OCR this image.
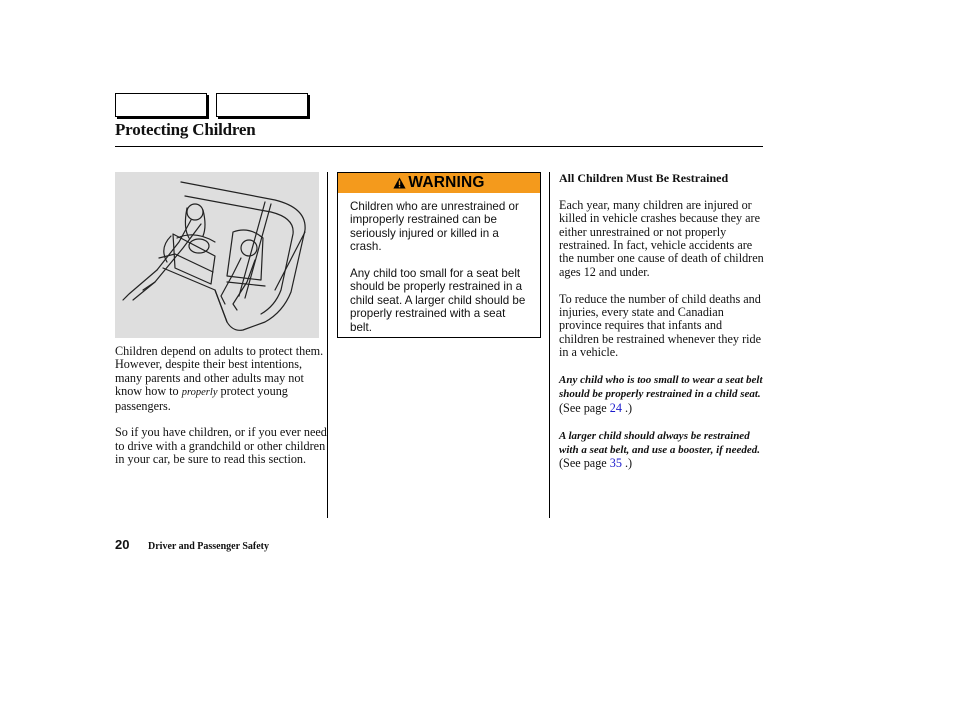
Protecting Children

Children depend on adults to protect them. However, despite their best intentions, many parents and other adults may not know how to properly protect young passengers.

So if you have children, or if you ever need to drive with a grandchild or other children in your car, be sure to read this section.

WARNING

Children who are unrestrained or improperly restrained can be seriously injured or killed in a crash.

Any child too small for a seat belt should be properly restrained in a child seat. A larger child should be properly restrained with a seat belt.

All Children Must Be Restrained

Each year, many children are injured or killed in vehicle crashes because they are either unrestrained or not properly restrained. In fact, vehicle accidents are the number one cause of death of children ages 12 and under.

To reduce the number of child deaths and injuries, every state and Canadian province requires that infants and children be restrained whenever they ride in a vehicle.

Any child who is too small to wear a seat belt should be properly restrained in a child seat. (See page 24 .)

A larger child should always be restrained with a seat belt, and use a booster, if needed. (See page 35 .)

20 Driver and Passenger Safety
